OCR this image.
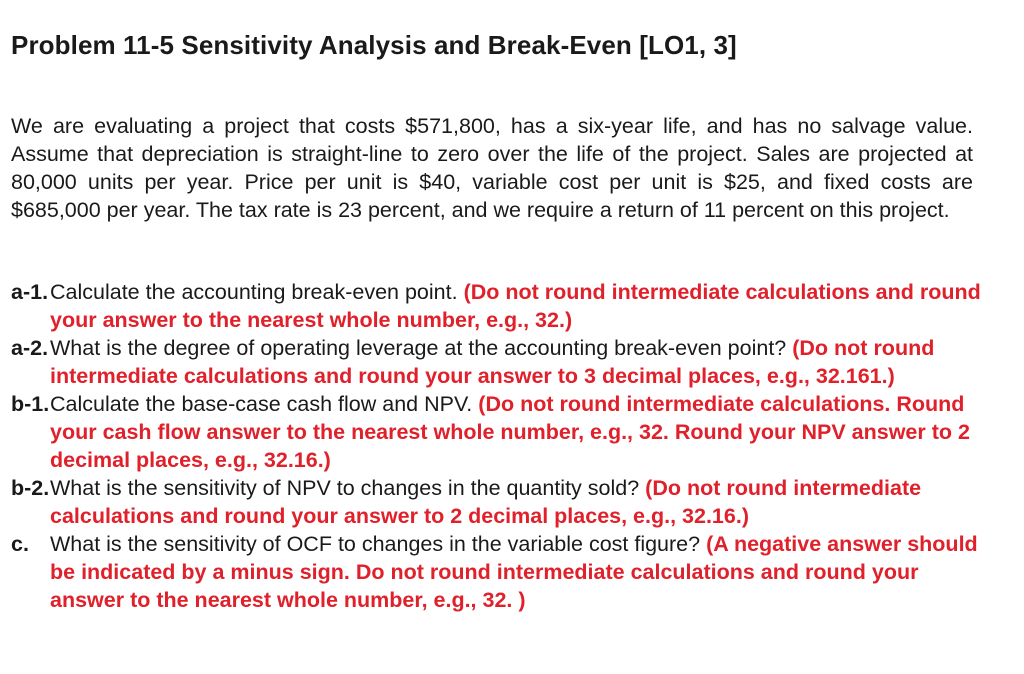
Problem 11-5 Sensitivity Analysis and Break-Even [LO1, 3]

We are evaluating a project that costs $571,800, has a six-year life, and has no salvage value. Assume that depreciation is straight-line to zero over the life of the project. Sales are projected at 80,000 units per year. Price per unit is $40, variable cost per unit is $25, and fixed costs are $685,000 per year. The tax rate is 23 percent, and we require a return of 11 percent on this project.

a-1. Calculate the accounting break-even point. (Do not round intermediate calculations and round your answer to the nearest whole number, e.g., 32.)
a-2. What is the degree of operating leverage at the accounting break-even point? (Do not round intermediate calculations and round your answer to 3 decimal places, e.g., 32.161.)
b-1. Calculate the base-case cash flow and NPV. (Do not round intermediate calculations. Round your cash flow answer to the nearest whole number, e.g., 32. Round your NPV answer to 2 decimal places, e.g., 32.16.)
b-2. What is the sensitivity of NPV to changes in the quantity sold? (Do not round intermediate calculations and round your answer to 2 decimal places, e.g., 32.16.)
c. What is the sensitivity of OCF to changes in the variable cost figure? (A negative answer should be indicated by a minus sign. Do not round intermediate calculations and round your answer to the nearest whole number, e.g., 32. )
